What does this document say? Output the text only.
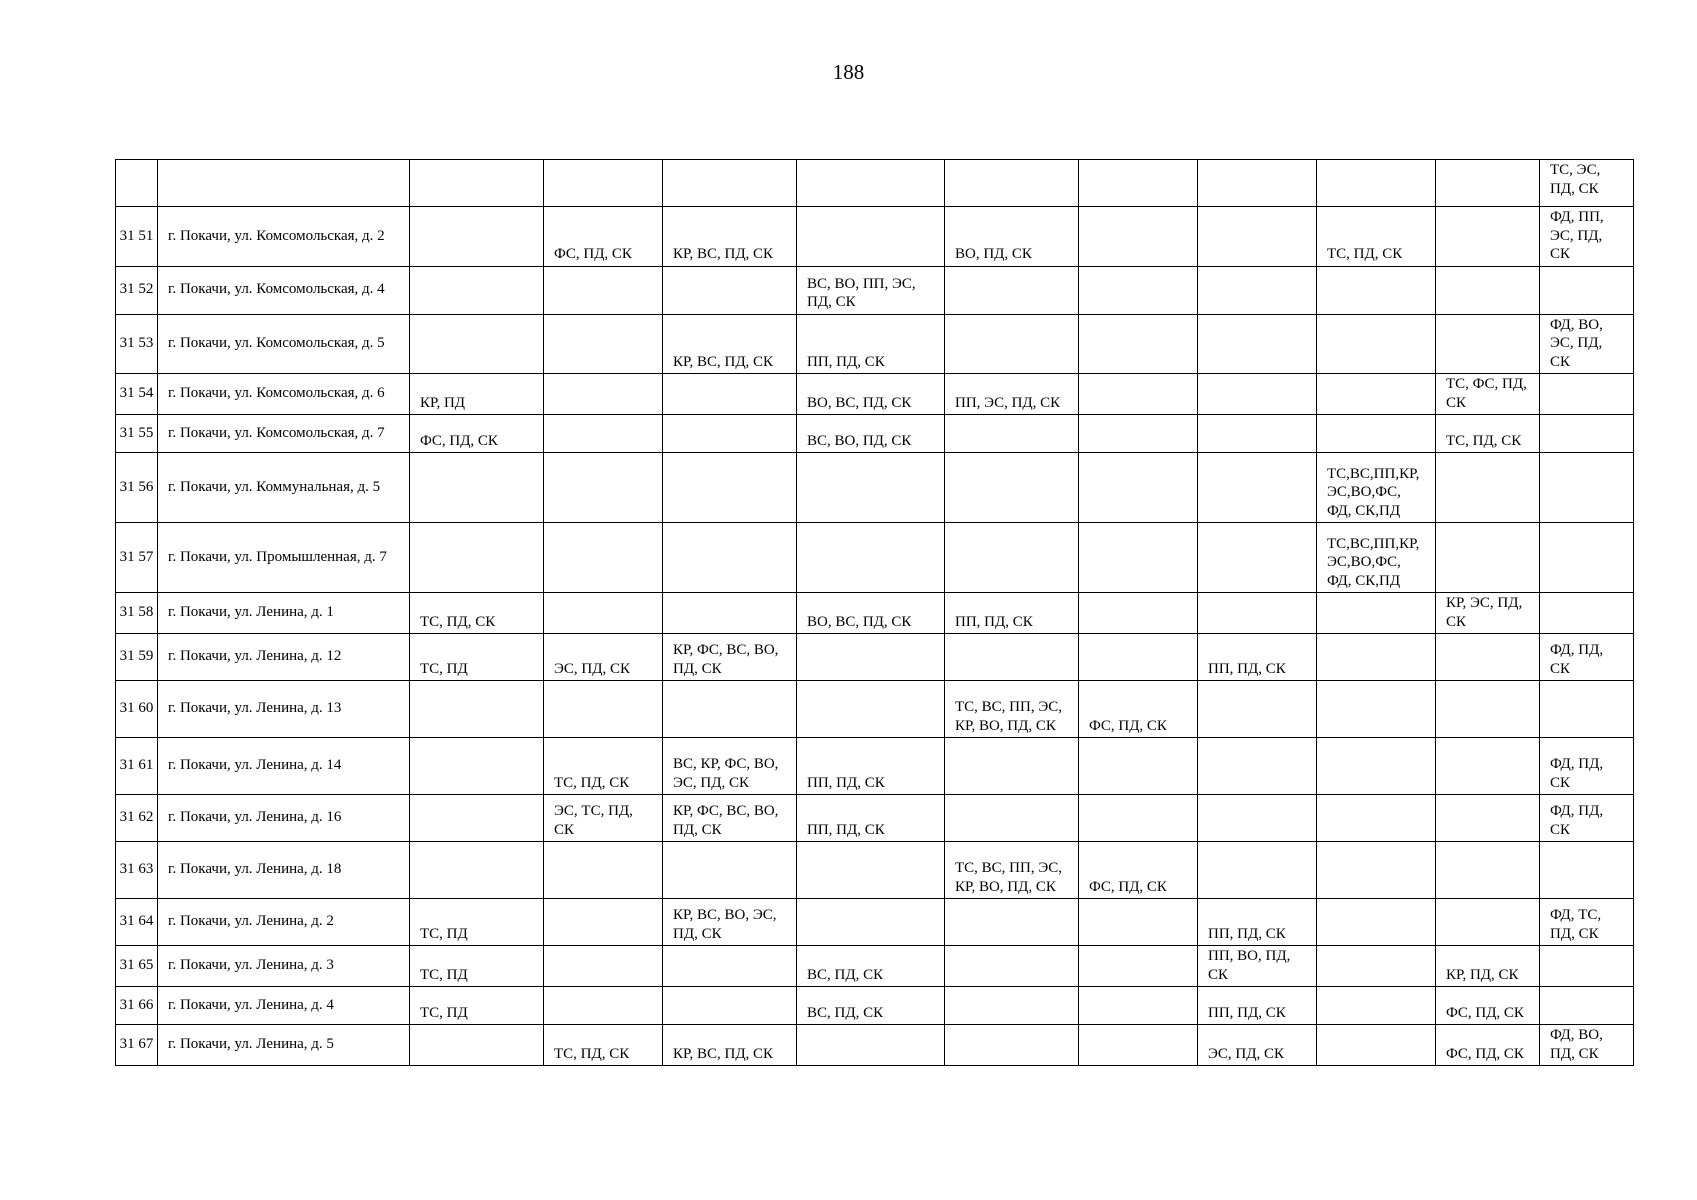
188
											ТС, ЭС, ПД, СК
31 51	г. Покачи, ул. Комсомольская, д. 2		ФС, ПД, СК	КР, ВС, ПД, СК		ВО, ПД, СК			ТС, ПД, СК		ФД, ПП, ЭС, ПД, СК
31 52	г. Покачи, ул. Комсомольская, д. 4				ВС, ВО, ПП, ЭС, ПД, СК						
31 53	г. Покачи, ул. Комсомольская, д. 5			КР, ВС, ПД, СК	ПП, ПД, СК						ФД, ВО, ЭС, ПД, СК
31 54	г. Покачи, ул. Комсомольская, д. 6	КР, ПД			ВО, ВС, ПД, СК	ПП, ЭС, ПД, СК				ТС, ФС, ПД, СК	
31 55	г. Покачи, ул. Комсомольская, д. 7	ФС, ПД, СК			ВС, ВО, ПД, СК					ТС, ПД, СК	
31 56	г. Покачи, ул. Коммунальная, д. 5								ТС,ВС,ПП,КР,ЭС,ВО,ФС, ФД, СК,ПД		
31 57	г. Покачи, ул. Промышленная, д. 7								ТС,ВС,ПП,КР,ЭС,ВО,ФС, ФД, СК,ПД		
31 58	г. Покачи, ул. Ленина, д. 1	ТС, ПД, СК			ВО, ВС, ПД, СК	ПП, ПД, СК				КР, ЭС, ПД, СК	
31 59	г. Покачи, ул. Ленина, д. 12	ТС, ПД	ЭС, ПД, СК	КР, ФС, ВС, ВО, ПД, СК				ПП, ПД, СК			ФД, ПД, СК
31 60	г. Покачи, ул. Ленина, д. 13					ТС, ВС, ПП, ЭС, КР, ВО, ПД, СК	ФС, ПД, СК				
31 61	г. Покачи, ул. Ленина, д. 14		ТС, ПД, СК	ВС, КР, ФС, ВО, ЭС, ПД, СК	ПП, ПД, СК						ФД, ПД, СК
31 62	г. Покачи, ул. Ленина, д. 16		ЭС, ТС, ПД, СК	КР, ФС, ВС, ВО, ПД, СК	ПП, ПД, СК						ФД, ПД, СК
31 63	г. Покачи, ул. Ленина, д. 18					ТС, ВС, ПП, ЭС, КР, ВО, ПД, СК	ФС, ПД, СК				
31 64	г. Покачи, ул. Ленина, д. 2	ТС, ПД		КР, ВС, ВО, ЭС, ПД, СК				ПП, ПД, СК			ФД, ТС, ПД, СК
31 65	г. Покачи, ул. Ленина, д. 3	ТС, ПД			ВС, ПД, СК			ПП, ВО, ПД, СК		КР, ПД, СК	
31 66	г. Покачи, ул. Ленина, д. 4	ТС, ПД			ВС, ПД, СК			ПП, ПД, СК		ФС, ПД, СК	
31 67	г. Покачи, ул. Ленина, д. 5		ТС, ПД, СК	КР, ВС, ПД, СК				ЭС, ПД, СК		ФС, ПД, СК	ФД, ВО, ПД, СК
